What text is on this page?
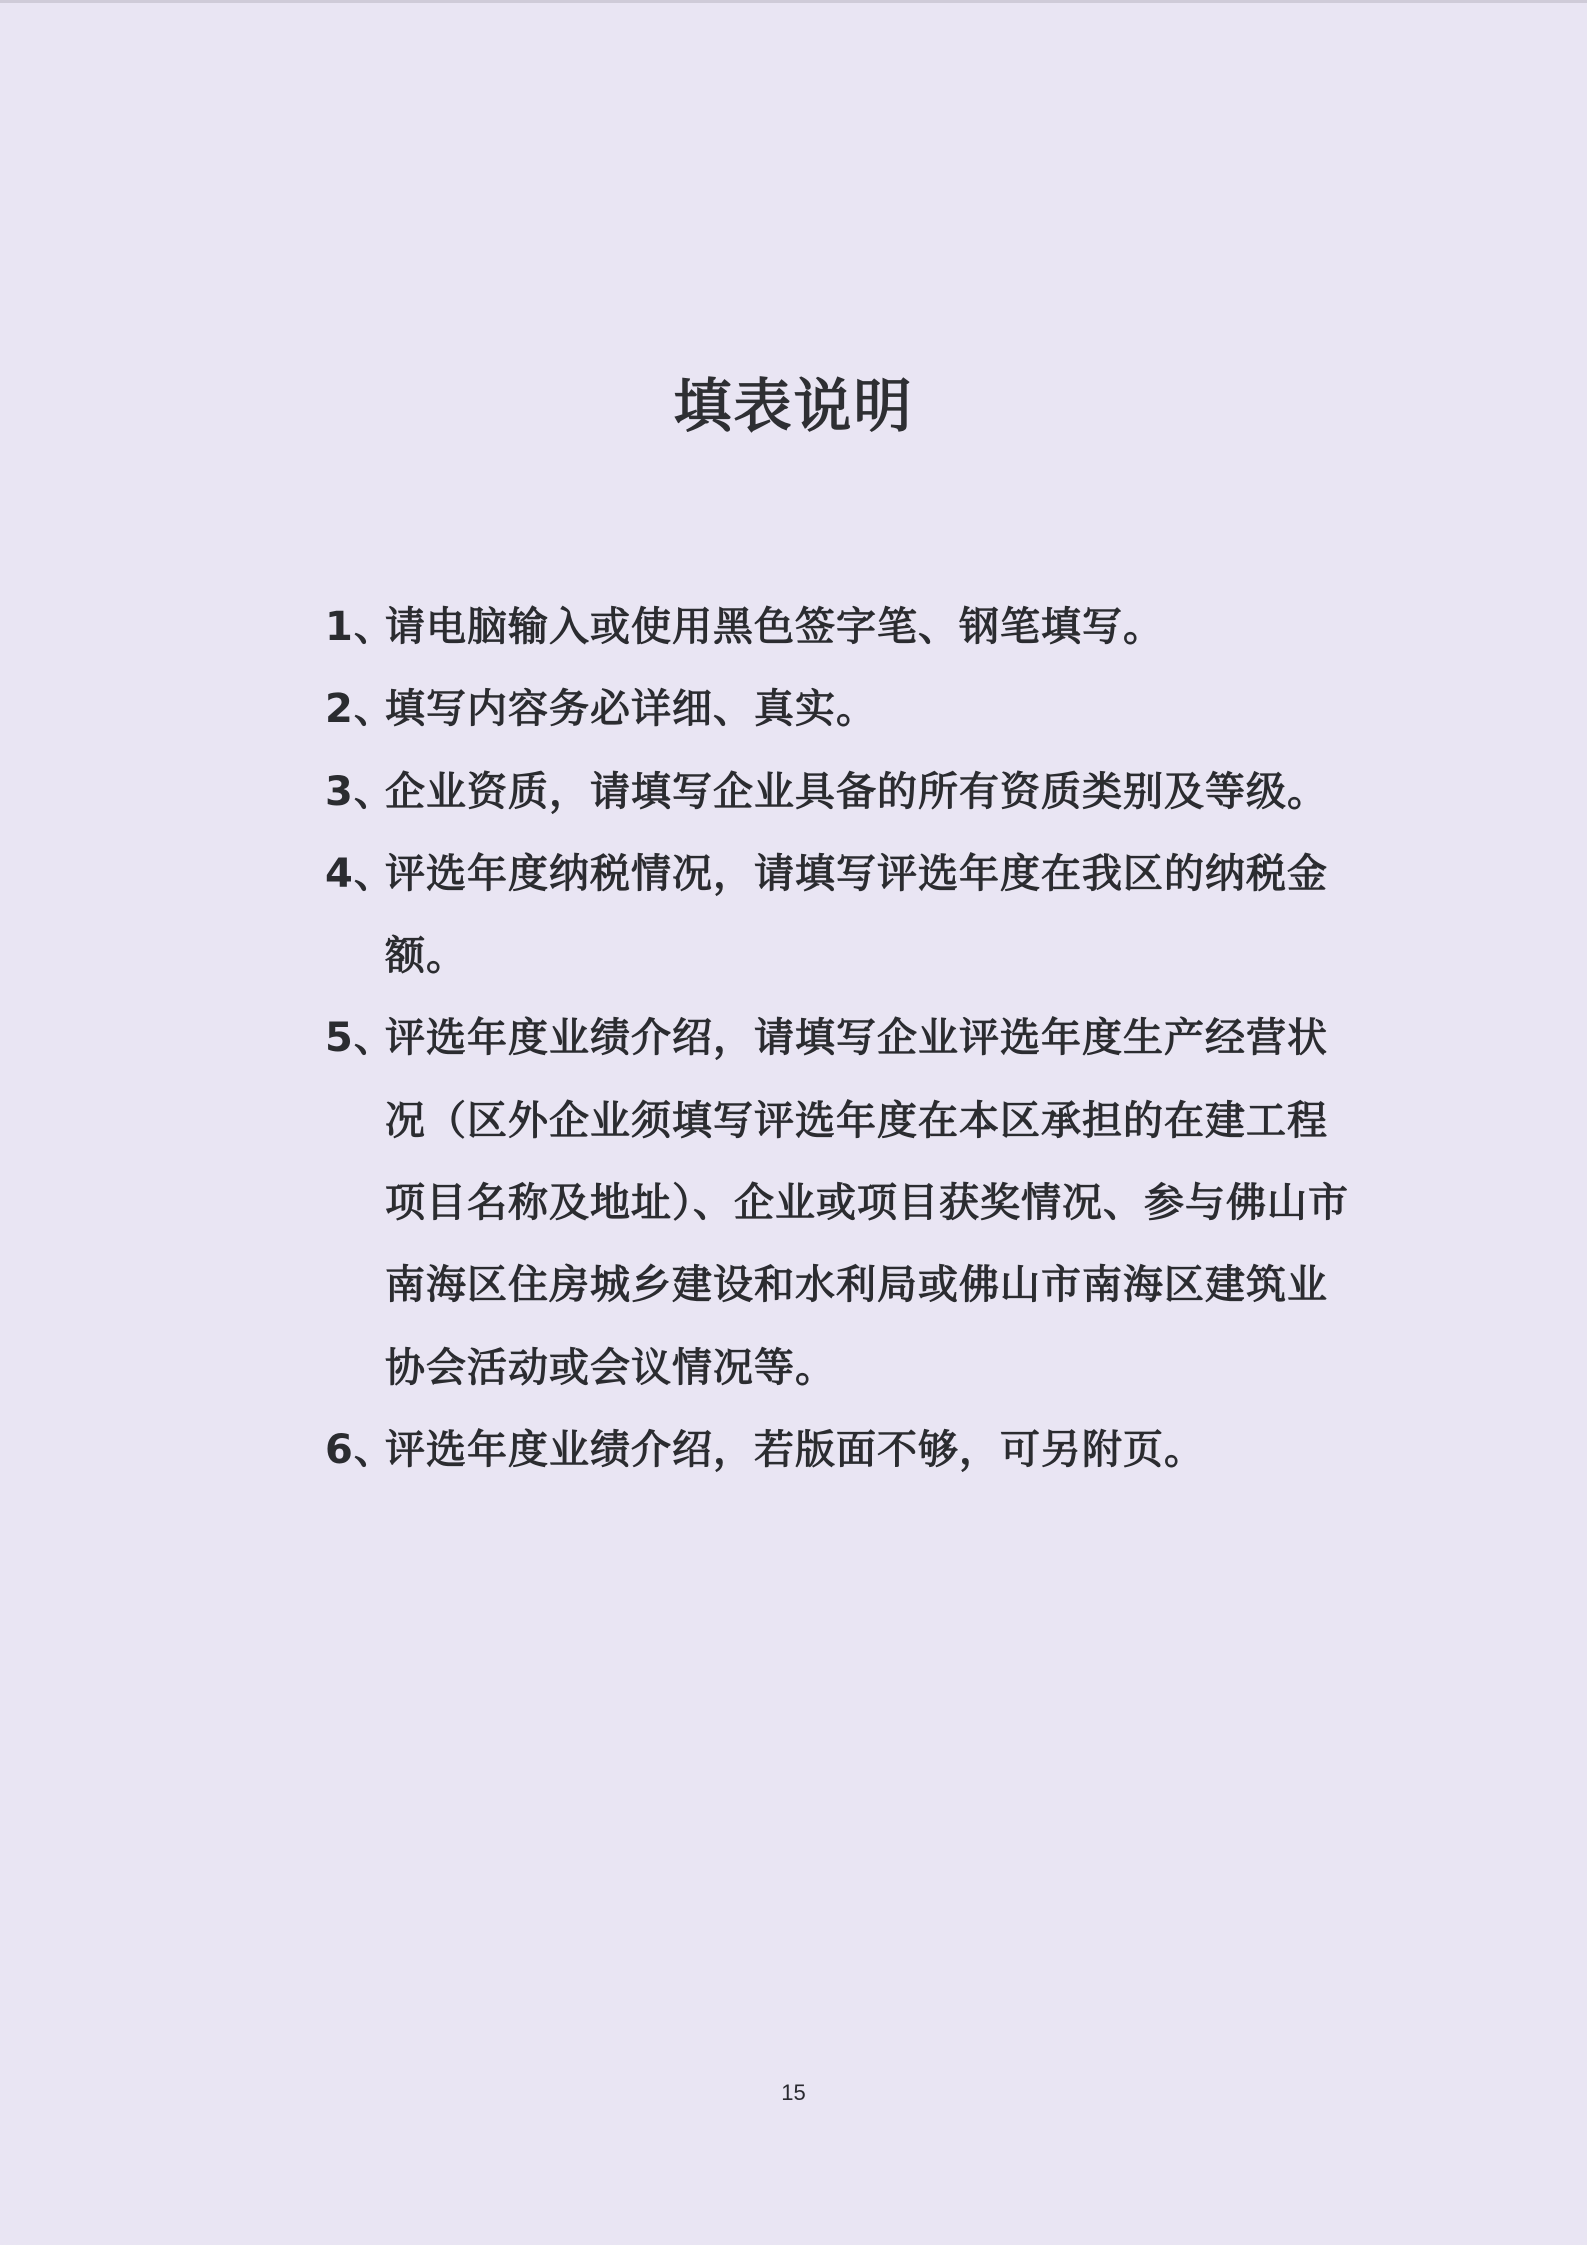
填表说明
1、
请电脑输入或使用黑色签字笔、钢笔填写。
2、
填写内容务必详细、真实。
3、
企业资质，请填写企业具备的所有资质类别及等级。
4、
评选年度纳税情况，请填写评选年度在我区的纳税金额。
5、
评选年度业绩介绍，请填写企业评选年度生产经营状况（区外企业须填写评选年度在本区承担的在建工程项目名称及地址）、企业或项目获奖情况、参与佛山市南海区住房城乡建设和水利局或佛山市南海区建筑业协会活动或会议情况等。
6、
评选年度业绩介绍，若版面不够，可另附页。
15
